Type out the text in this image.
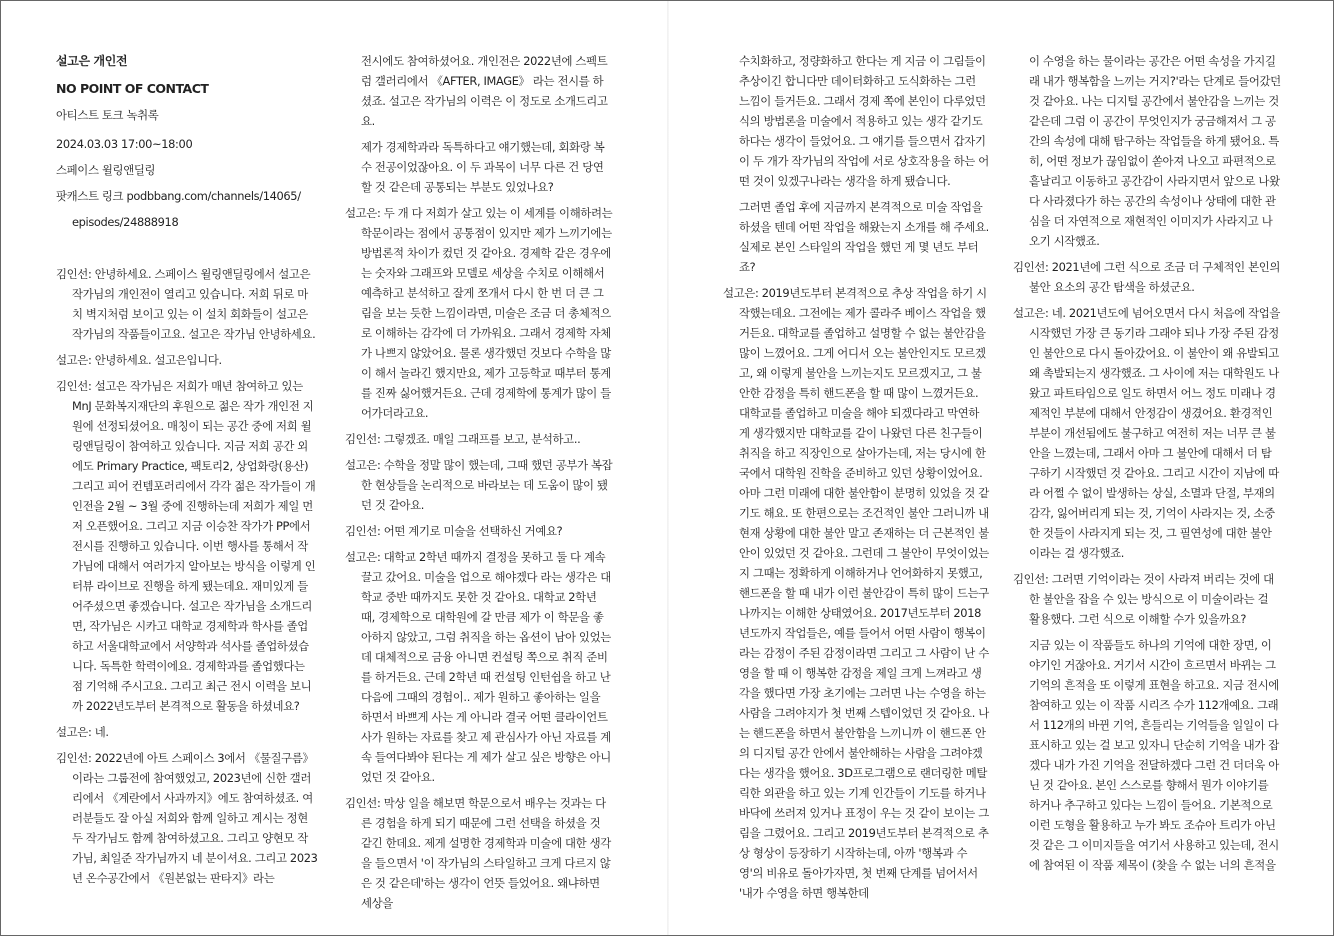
설고은 개인전

NO POINT OF CONTACT

아티스트 토크 녹취록

2024.03.03 17:00~18:00

스페이스 윌링앤딜링

팟캐스트 링크 podbbang.com/channels/14065/

episodes/24888918

김인선: 안녕하세요. 스페이스 윌링앤딜링에서 설고은 작가님의 개인전이 열리고 있습니다. 저희 뒤로 마치 벽지처럼 보이고 있는 이 설치 회화들이 설고은 작가님의 작품들이고요. 설고은 작가님 안녕하세요.

설고은: 안녕하세요. 설고은입니다.

김인선: 설고은 작가님은 저희가 매년 참여하고 있는 MnJ 문화복지재단의 후원으로 젊은 작가 개인전 지원에 선정되셨어요. 매칭이 되는 공간 중에 저희 윌링앤딜링이 참여하고 있습니다. 지금 저희 공간 외에도 Primary Practice, 팩토리2, 상업화랑(용산) 그리고 피어 컨템포러리에서 각각 젊은 작가들이 개인전을 2월 ~ 3월 중에 진행하는데 저희가 제일 먼저 오픈했어요. 그리고 지금 이승찬 작가가 PP에서 전시를 진행하고 있습니다. 이번 행사를 통해서 작가님에 대해서 여러가지 알아보는 방식을 이렇게 인터뷰 라이브로 진행을 하게 됐는데요. 재미있게 들어주셨으면 좋겠습니다. 설고은 작가님을 소개드리면, 작가님은 시카고 대학교 경제학과 학사를 졸업하고 서울대학교에서 서양학과 석사를 졸업하셨습니다. 독특한 학력이에요. 경제학과를 졸업했다는 점 기억해 주시고요. 그리고 최근 전시 이력을 보니까 2022년도부터 본격적으로 활동을 하셨네요?

설고은: 네.

김인선: 2022년에 아트 스페이스 3에서 《물질구름》이라는 그룹전에 참여했었고, 2023년에 신한 갤러리에서 《계란에서 사과까지》에도 참여하셨죠. 여러분들도 잘 아실 저희와 함께 일하고 계시는 정현두 작가님도 함께 참여하셨고요. 그리고 양현모 작가님, 최일준 작가님까지 네 분이셔요. 그리고 2023년 온수공간에서 《원본없는 판타지》라는

전시에도 참여하셨어요. 개인전은 2022년에 스펙트럼 갤러리에서 《AFTER, IMAGE》 라는 전시를 하셨죠. 설고은 작가님의 이력은 이 정도로 소개드리고요.

제가 경제학과라 독특하다고 얘기했는데, 회화랑 복수 전공이었잖아요. 이 두 과목이 너무 다른 건 당연할 것 같은데 공통되는 부분도 있었나요?

설고은: 두 개 다 저희가 살고 있는 이 세계를 이해하려는 학문이라는 점에서 공통점이 있지만 제가 느끼기에는 방법론적 차이가 컸던 것 같아요. 경제학 같은 경우에는 숫자와 그래프와 모델로 세상을 수치로 이해해서 예측하고 분석하고 잘게 쪼개서 다시 한 번 더 큰 그림을 보는 듯한 느낌이라면, 미술은 조금 더 총체적으로 이해하는 감각에 더 가까워요. 그래서 경제학 자체가 나쁘지 않았어요. 물론 생각했던 것보다 수학을 많이 해서 놀라긴 했지만요, 제가 고등학교 때부터 통계를 진짜 싫어했거든요. 근데 경제학에 통계가 많이 들어가더라고요.

김인선: 그렇겠죠. 매일 그래프를 보고, 분석하고..

설고은: 수학을 정말 많이 했는데, 그때 했던 공부가 복잡한 현상들을 논리적으로 바라보는 데 도움이 많이 됐던 것 같아요.

김인선: 어떤 계기로 미술을 선택하신 거예요?

설고은: 대학교 2학년 때까지 결정을 못하고 둘 다 계속 끌고 갔어요. 미술을 업으로 해야겠다 라는 생각은 대학교 중반 때까지도 못한 것 같아요. 대학교 2학년 때, 경제학으로 대학원에 갈 만큼 제가 이 학문을 좋아하지 않았고, 그럼 취직을 하는 옵션이 남아 있었는데 대체적으로 금융 아니면 컨설팅 쪽으로 취직 준비를 하거든요. 근데 2학년 때 컨설팅 인턴쉽을 하고 난 다음에 그때의 경험이.. 제가 원하고 좋아하는 일을 하면서 바쁘게 사는 게 아니라 결국 어떤 클라이언트사가 원하는 자료를 찾고 제 관심사가 아닌 자료를 계속 들여다봐야 된다는 게 제가 살고 싶은 방향은 아니었던 것 같아요.

김인선: 막상 일을 해보면 학문으로서 배우는 것과는 다른 경험을 하게 되기 때문에 그런 선택을 하셨을 것 같긴 한데요. 제게 설명한 경제학과 미술에 대한 생각을 들으면서 '이 작가님의 스타일하고 크게 다르지 않은 것 같은데'하는 생각이 언뜻 들었어요. 왜냐하면 세상을

수치화하고, 정량화하고 한다는 게 지금 이 그림들이 추상이긴 합니다만 데이터화하고 도식화하는 그런 느낌이 들거든요. 그래서 경제 쪽에 본인이 다루었던 식의 방법론을 미술에서 적용하고 있는 생각 같기도 하다는 생각이 들었어요. 그 얘기를 들으면서 갑자기 이 두 개가 작가님의 작업에 서로 상호작용을 하는 어떤 것이 있겠구나라는 생각을 하게 됐습니다.

그러면 졸업 후에 지금까지 본격적으로 미술 작업을 하셨을 텐데 어떤 작업을 해왔는지 소개를 해 주세요. 실제로 본인 스타일의 작업을 했던 게 몇 년도 부터죠?

설고은: 2019년도부터 본격적으로 추상 작업을 하기 시작했는데요. 그전에는 제가 콜라주 베이스 작업을 했거든요. 대학교를 졸업하고 설명할 수 없는 불안감을 많이 느꼈어요. 그게 어디서 오는 불안인지도 모르겠고, 왜 이렇게 불안을 느끼는지도 모르겠지고, 그 불안한 감정을 특히 핸드폰을 할 때 많이 느꼈거든요. 대학교를 졸업하고 미술을 해야 되겠다라고 막연하게 생각했지만 대학교를 같이 나왔던 다른 친구들이 취직을 하고 직장인으로 살아가는데, 저는 당시에 한국에서 대학원 진학을 준비하고 있던 상황이었어요. 아마 그런 미래에 대한 불안함이 분명히 있었을 것 같기도 해요. 또 한편으로는 조건적인 불안 그러니까 내 현재 상황에 대한 불안 말고 존재하는 더 근본적인 불안이 있었던 것 같아요. 그런데 그 불안이 무엇이었는지 그때는 정확하게 이해하거나 언어화하지 못했고, 핸드폰을 할 때 내가 이런 불안감이 특히 많이 드는구나까지는 이해한 상태였어요. 2017년도부터 2018년도까지 작업들은, 예를 들어서 어떤 사람이 행복이라는 감정이 주된 감정이라면 그리고 그 사람이 난 수영을 할 때 이 행복한 감정을 제일 크게 느껴라고 생각을 했다면 가장 초기에는 그러면 나는 수영을 하는 사람을 그려야지가 첫 번째 스텝이었던 것 같아요. 나는 핸드폰을 하면서 불안함을 느끼니까 이 핸드폰 안의 디지털 공간 안에서 불안해하는 사람을 그려야겠다는 생각을 했어요. 3D프로그램으로 랜더링한 메탈릭한 외관을 하고 있는 기계 인간들이 기도를 하거나 바닥에 쓰러져 있거나 표정이 우는 것 같이 보이는 그림을 그렸어요. 그리고 2019년도부터 본격적으로 추상 형상이 등장하기 시작하는데, 아까 '행복과 수영'의 비유로 돌아가자면, 첫 번째 단계를 넘어서서 '내가 수영을 하면 행복한데

이 수영을 하는 물이라는 공간은 어떤 속성을 가지길래 내가 행복함을 느끼는 거지?'라는 단계로 들어갔던 것 같아요. 나는 디지털 공간에서 불안감을 느끼는 것 같은데 그럼 이 공간이 무엇인지가 궁금해져서 그 공간의 속성에 대해 탐구하는 작업들을 하게 됐어요. 특히, 어떤 정보가 끊임없이 쏟아져 나오고 파편적으로 흩날리고 이동하고 공간감이 사라지면서 앞으로 나왔다 사라졌다가 하는 공간의 속성이나 상태에 대한 관심을 더 자연적으로 재현적인 이미지가 사라지고 나오기 시작했죠.

김인선: 2021년에 그런 식으로 조금 더 구체적인 본인의 불안 요소의 공간 탐색을 하셨군요.

설고은: 네. 2021년도에 넘어오면서 다시 처음에 작업을 시작했던 가장 큰 동기라 그래야 되나 가장 주된 감정인 불안으로 다시 돌아갔어요. 이 불안이 왜 유발되고 왜 촉발되는지 생각했죠. 그 사이에 저는 대학원도 나왔고 파트타임으로 일도 하면서 어느 정도 미래나 경제적인 부분에 대해서 안정감이 생겼어요. 환경적인 부분이 개선됨에도 불구하고 여전히 저는 너무 큰 불안을 느꼈는데, 그래서 아마 그 불안에 대해서 더 탐구하기 시작했던 것 같아요. 그리고 시간이 지남에 따라 어쩔 수 없이 발생하는 상실, 소멸과 단절, 부재의 감각, 잃어버리게 되는 것, 기억이 사라지는 것, 소중한 것들이 사라지게 되는 것, 그 필연성에 대한 불안이라는 걸 생각했죠.

김인선: 그러면 기억이라는 것이 사라져 버리는 것에 대한 불안을 잡을 수 있는 방식으로 이 미술이라는 걸 활용했다. 그런 식으로 이해할 수가 있을까요?

지금 있는 이 작품들도 하나의 기억에 대한 장면, 이야기인 거잖아요. 거기서 시간이 흐르면서 바뀌는 그 기억의 흔적을 또 이렇게 표현을 하고요. 지금 전시에 참여하고 있는 이 작품 시리즈 수가 112개예요. 그래서 112개의 바뀐 기억, 흔들리는 기억들을 일일이 다 표시하고 있는 걸 보고 있자니 단순히 기억을 내가 잡겠다 내가 가진 기억을 전달하겠다 그런 건 더더욱 아닌 것 같아요. 본인 스스로를 향해서 뭔가 이야기를 하거나 추구하고 있다는 느낌이 들어요. 기본적으로 이런 도형을 활용하고 누가 봐도 조슈아 트리가 아닌 것 같은 그 이미지들을 여기서 사용하고 있는데, 전시에 참여된 이 작품 제목이 (찾을 수 없는 너의 흔적을
